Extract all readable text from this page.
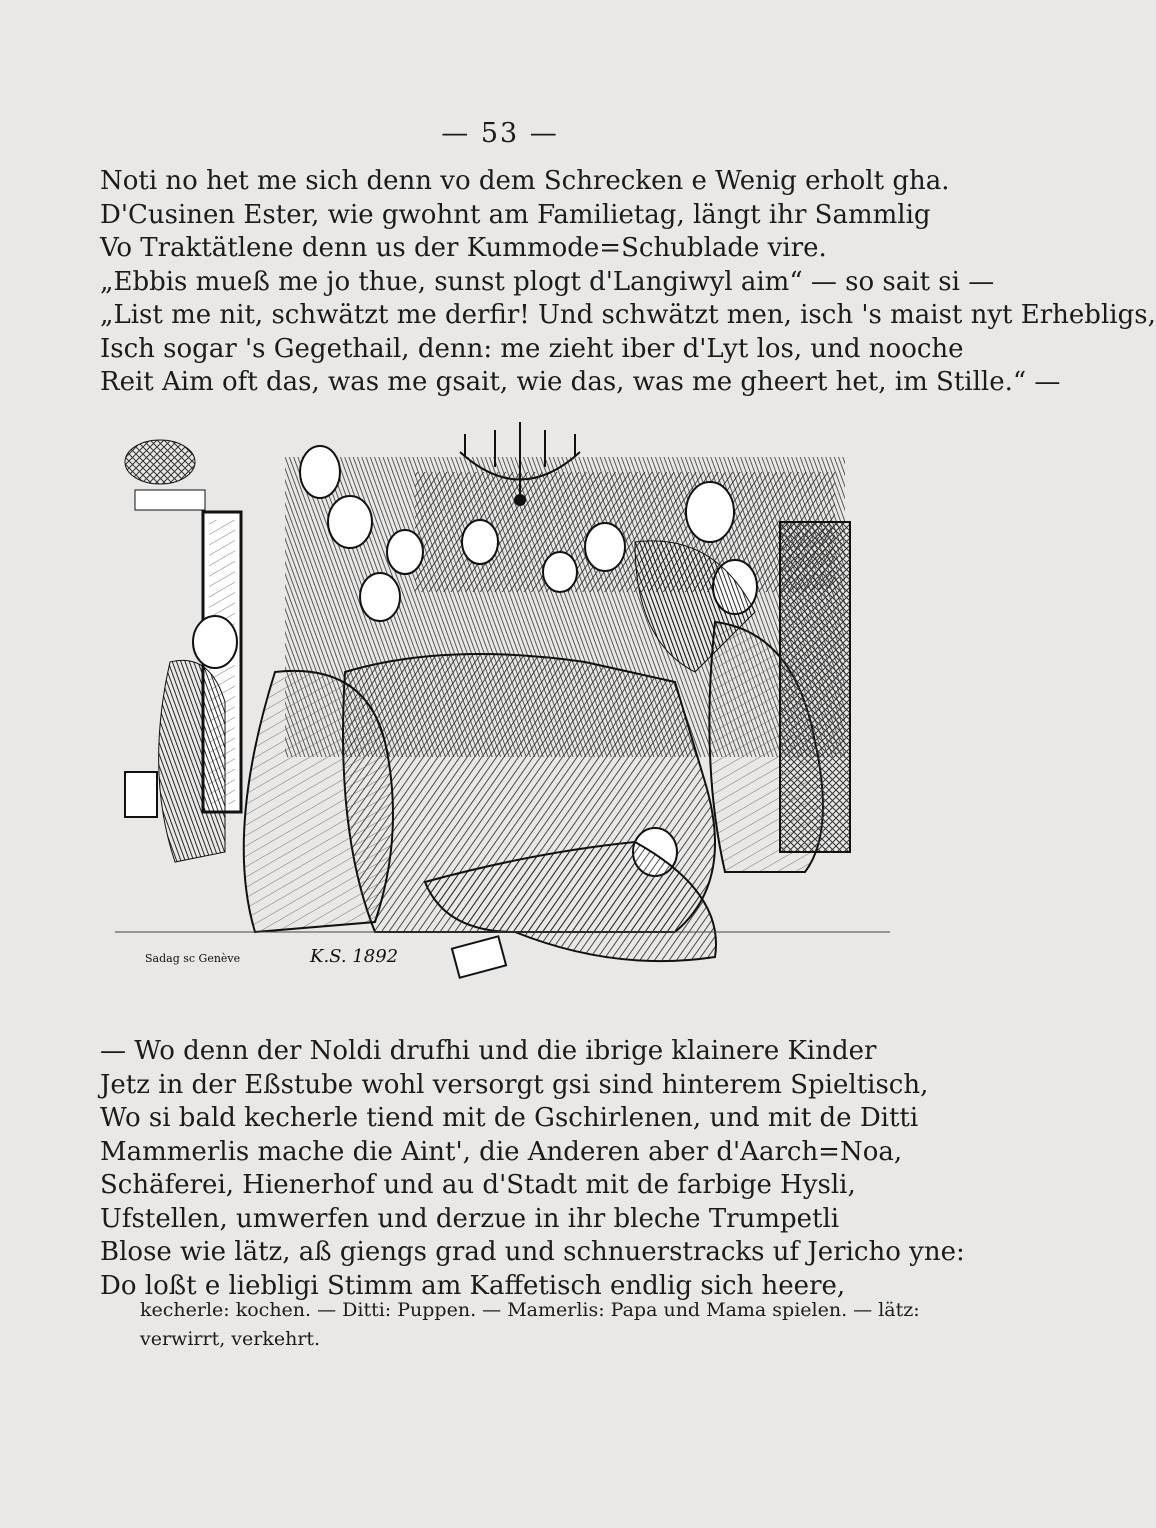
— 53 —

Noti no het me sich denn vo dem Schrecken e Wenig erholt gha.

D'Cusinen Ester, wie gwohnt am Familietag, längt ihr Sammlig

Vo Traktätlene denn us der Kummode=Schublade vire.

„Ebbis mueß me jo thue, sunst plogt d'Langiwyl aim“ — so sait si —

„List me nit, schwätzt me derfir! Und schwätzt men, isch 's maist nyt Erhebligs,

Isch sogar 's Gegethail, denn: me zieht iber d'Lyt los, und nooche

Reit Aim oft das, was me gsait, wie das, was me gheert het, im Stille.“ —

Sadag sc Genève	K.S. 1892

— Wo denn der Noldi drufhi und die ibrige klainere Kinder

Jetz in der Eßstube wohl versorgt gsi sind hinterem Spieltisch,

Wo si bald kecherle tiend mit de Gschirlenen, und mit de Ditti

Mammerlis mache die Aint', die Anderen aber d'Aarch=Noa,

Schäferei, Hienerhof und au d'Stadt mit de farbige Hysli,

Ufstellen, umwerfen und derzue in ihr bleche Trumpetli

Blose wie lätz, aß giengs grad und schnuerstracks uf Jericho yne:

Do loßt e liebligi Stimm am Kaffetisch endlig sich heere,

kecherle: kochen. — Ditti: Puppen. — Mamerlis: Papa und Mama spielen. — lätz:

verwirrt, verkehrt.
